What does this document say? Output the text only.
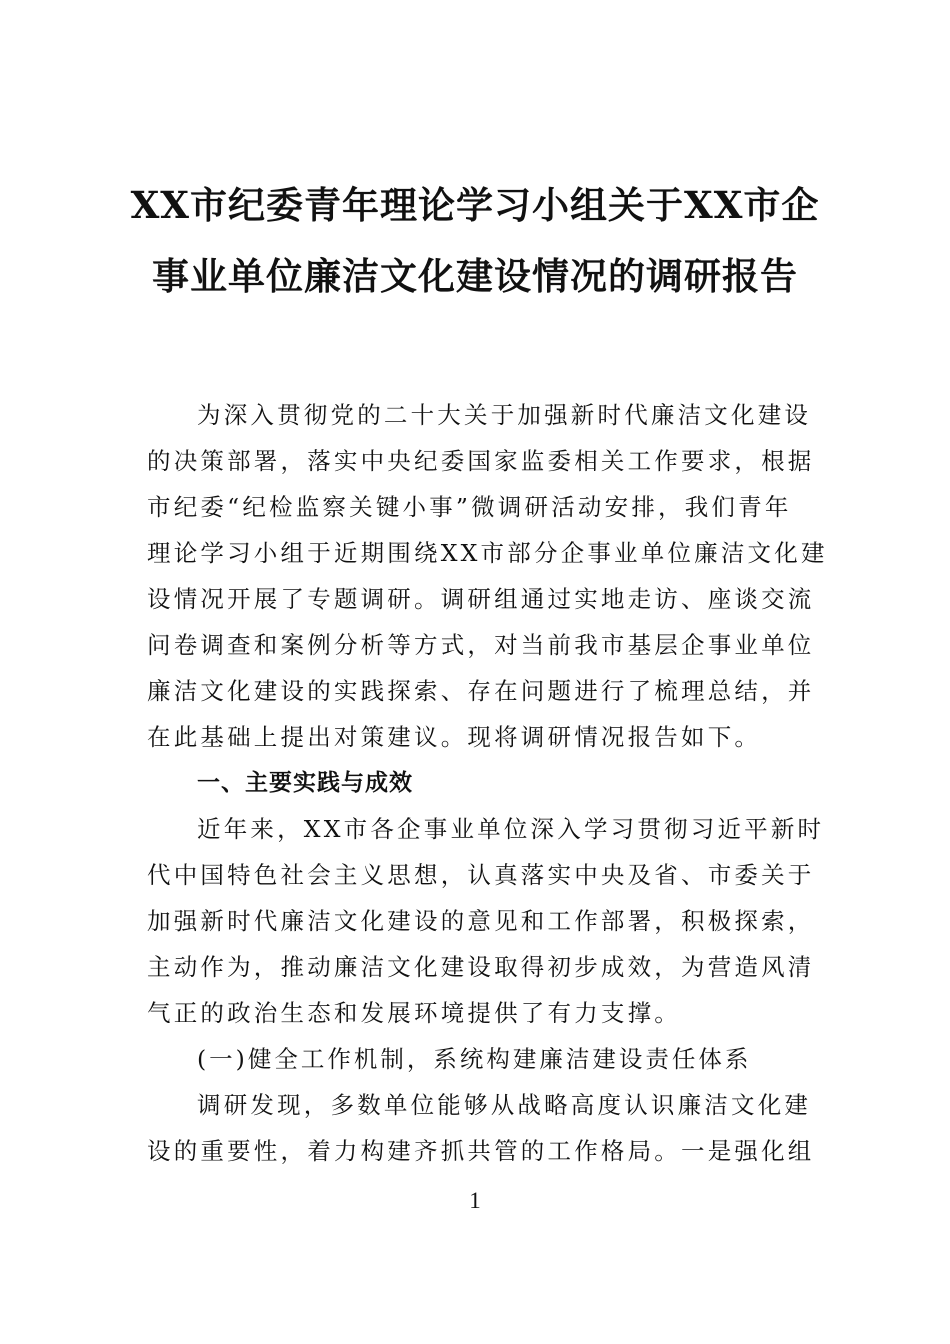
XX市纪委青年理论学习小组关于XX市企
事业单位廉洁文化建设情况的调研报告
为深入贯彻党的二十大关于加强新时代廉洁文化建设
的决策部署，落实中央纪委国家监委相关工作要求，根据
市纪委“纪检监察关键小事”微调研活动安排，我们青年
理论学习小组于近期围绕XX市部分企事业单位廉洁文化建
设情况开展了专题调研。调研组通过实地走访、座谈交流
问卷调查和案例分析等方式，对当前我市基层企事业单位
廉洁文化建设的实践探索、存在问题进行了梳理总结，并
在此基础上提出对策建议。现将调研情况报告如下。
一、主要实践与成效
近年来，XX市各企事业单位深入学习贯彻习近平新时
代中国特色社会主义思想，认真落实中央及省、市委关于
加强新时代廉洁文化建设的意见和工作部署，积极探索，
主动作为，推动廉洁文化建设取得初步成效，为营造风清
气正的政治生态和发展环境提供了有力支撑。
(一)健全工作机制，系统构建廉洁建设责任体系
调研发现，多数单位能够从战略高度认识廉洁文化建
设的重要性，着力构建齐抓共管的工作格局。一是强化组
1
